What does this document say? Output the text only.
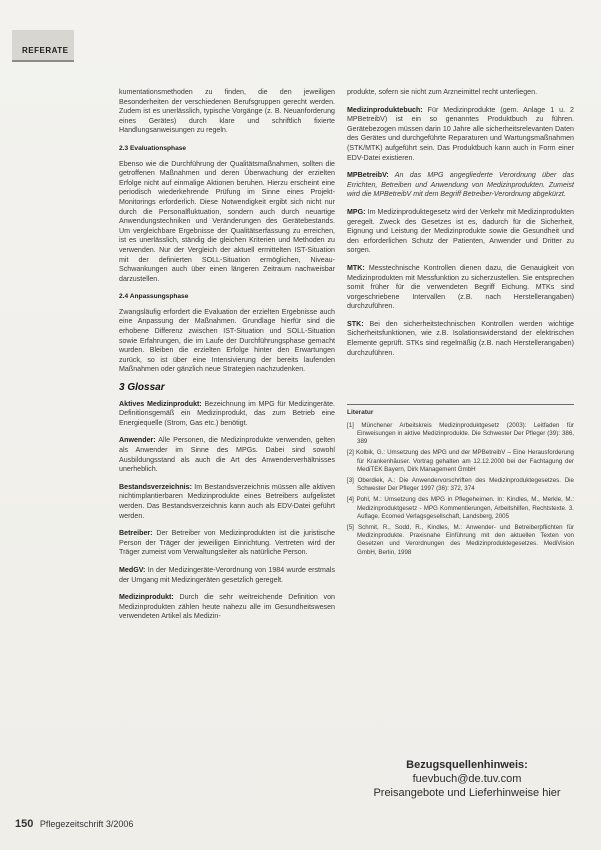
REFERATE

kumentationsmethoden zu finden, die den jeweiligen Besonderheiten der verschiedenen Berufsgruppen gerecht werden. Zudem ist es unerlässlich, typische Vorgänge (z. B. Neuanforderung eines Gerätes) durch klare und schriftlich fixierte Handlungsanweisungen zu regeln.

2.3 Evaluationsphase

Ebenso wie die Durchführung der Qualitätsmaßnahmen, sollten die getroffenen Maßnahmen und deren Überwachung der erzielten Erfolge nicht auf einmalige Aktionen beruhen. Hierzu erscheint eine periodisch wiederkehrende Prüfung im Sinne eines Projekt-Monitorings erforderlich. Diese Notwendigkeit ergibt sich nicht nur durch die Personalfluktuation, sondern auch durch neuartige Anwendungstechniken und Veränderungen des Gerätebestands. Um vergleichbare Ergebnisse der Qualitätserfassung zu erreichen, ist es unerlässlich, ständig die gleichen Kriterien und Methoden zu verwenden. Nur der Vergleich der aktuell ermittelten IST-Situation mit der definierten SOLL-Situation ermöglichen, Niveau-Schwankungen auch über einen längeren Zeitraum nachweisbar darzustellen.

2.4 Anpassungsphase

Zwangsläufig erfordert die Evaluation der erzielten Ergebnisse auch eine Anpassung der Maßnahmen. Grundlage hierfür sind die erhobene Differenz zwischen IST-Situation und SOLL-Situation sowie Erfahrungen, die im Laufe der Durchführungsphase gemacht wurden. Bleiben die erzielten Erfolge hinter den Erwartungen zurück, so ist über eine Intensivierung der bereits laufenden Maßnahmen oder gänzlich neue Strategien nachzudenken.

3 Glossar

Aktives Medizinprodukt: Bezeichnung im MPG für Medizingeräte. Definitionsgemäß ein Medizinprodukt, das zum Betrieb eine Energiequelle (Strom, Gas etc.) benötigt.

Anwender: Alle Personen, die Medizinprodukte verwenden, gelten als Anwender im Sinne des MPGs. Dabei sind sowohl Ausbildungsstand als auch die Art des Anwenderverhältnisses unerheblich.

Bestandsverzeichnis: Im Bestandsverzeichnis müssen alle aktiven nichtimplantierbaren Medizinprodukte eines Betreibers aufgelistet werden. Das Bestandsverzeichnis kann auch als EDV-Datei geführt werden.

Betreiber: Der Betreiber von Medizinprodukten ist die juristische Person der Träger der jeweiligen Einrichtung. Vertreten wird der Träger zumeist vom Verwaltungsleiter als natürliche Person.

MedGV: In der Medizingeräte-Verordnung von 1984 wurde erstmals der Umgang mit Medizingeräten gesetzlich geregelt.

Medizinprodukt: Durch die sehr weitreichende Definition von Medizinprodukten zählen heute nahezu alle im Gesundheitswesen verwendeten Artikel als Medizin-

produkte, sofern sie nicht zum Arzneimittel recht unterliegen.

Medizinproduktebuch: Für Medizinprodukte (gem. Anlage 1 u. 2 MPBetreibV) ist ein so genanntes Produktbuch zu führen. Gerätebezogen müssen darin 10 Jahre alle sicherheitsrelevanten Daten des Gerätes und durchgeführte Reparaturen und Wartungsmaßnahmen (STK/MTK) aufgeführt sein. Das Produktbuch kann auch in Form einer EDV-Datei existieren.

MPBetreibV: An das MPG angegliederte Verordnung über das Errichten, Betreiben und Anwendung von Medizinprodukten. Zumeist wird die MPBetreibV mit dem Begriff Betreiber-Verordnung abgekürzt.

MPG: Im Medizinproduktegesetz wird der Verkehr mit Medizinprodukten geregelt. Zweck des Gesetzes ist es, dadurch für die Sicherheit, Eignung und Leistung der Medizinprodukte sowie die Gesundheit und den erforderlichen Schutz der Patienten, Anwender und Dritter zu sorgen.

MTK: Messtechnische Kontrollen dienen dazu, die Genauigkeit von Medizinprodukten mit Messfunktion zu sicherzustellen. Sie entsprechen somit früher für die verwendeten Begriff Eichung. MTKs sind vorgeschriebene Intervallen (z.B. nach Herstellerangaben) durchzuführen.

STK: Bei den sicherheitstechnischen Kontrollen werden wichtige Sicherheitsfunktionen, wie z.B. Isolationswiderstand der elektrischen Elemente geprüft. STKs sind regelmäßig (z.B. nach Herstellerangaben) durchzuführen.

Literatur
[1] Münchener Arbeitskreis Medizinproduktgesetz (2003): Leitfaden für Einweisungen in aktive Medizinprodukte. Die Schwester Der Pfleger (39): 386, 389
[2] Kolbik, G.: Umsetzung des MPG und der MPBetreibV – Eine Herausforderung für Krankenhäuser. Vortrag gehalten am 12.12.2000 bei der Fachtagung der MediTEK Bayern, Dirk Management GmbH
[3] Oberdiek, A.: Die Anwendervorschriften des Medizinproduktegesetzes. Die Schwester Der Pfleger 1997 (36): 372, 374
[4] Pohl, M.: Umsetzung des MPG in Pflegeheimen. In: Kindles, M., Merkle, M.: Medizinproduktgesetz - MPG Kommentierungen, Arbeitshilfen, Rechtstexte. 3. Auflage. Ecomed Verlagsgesellschaft, Landsberg, 2005
[5] Schmit, R., Sodd, R., Kindles, M.: Anwender- und Betreiberpflichten für Medizinprodukte. Praxisnahe Einführung mit den aktuellen Texten von Gesetzen und Verordnungen des Medizinproduktegesetzes. MediVision GmbH, Berlin, 1998
Bezugsquellenhinweis:
fuevbuch@de.tuv.com
Preisangebote und Lieferhinweise hier
150 Pflegezeitschrift 3/2006
